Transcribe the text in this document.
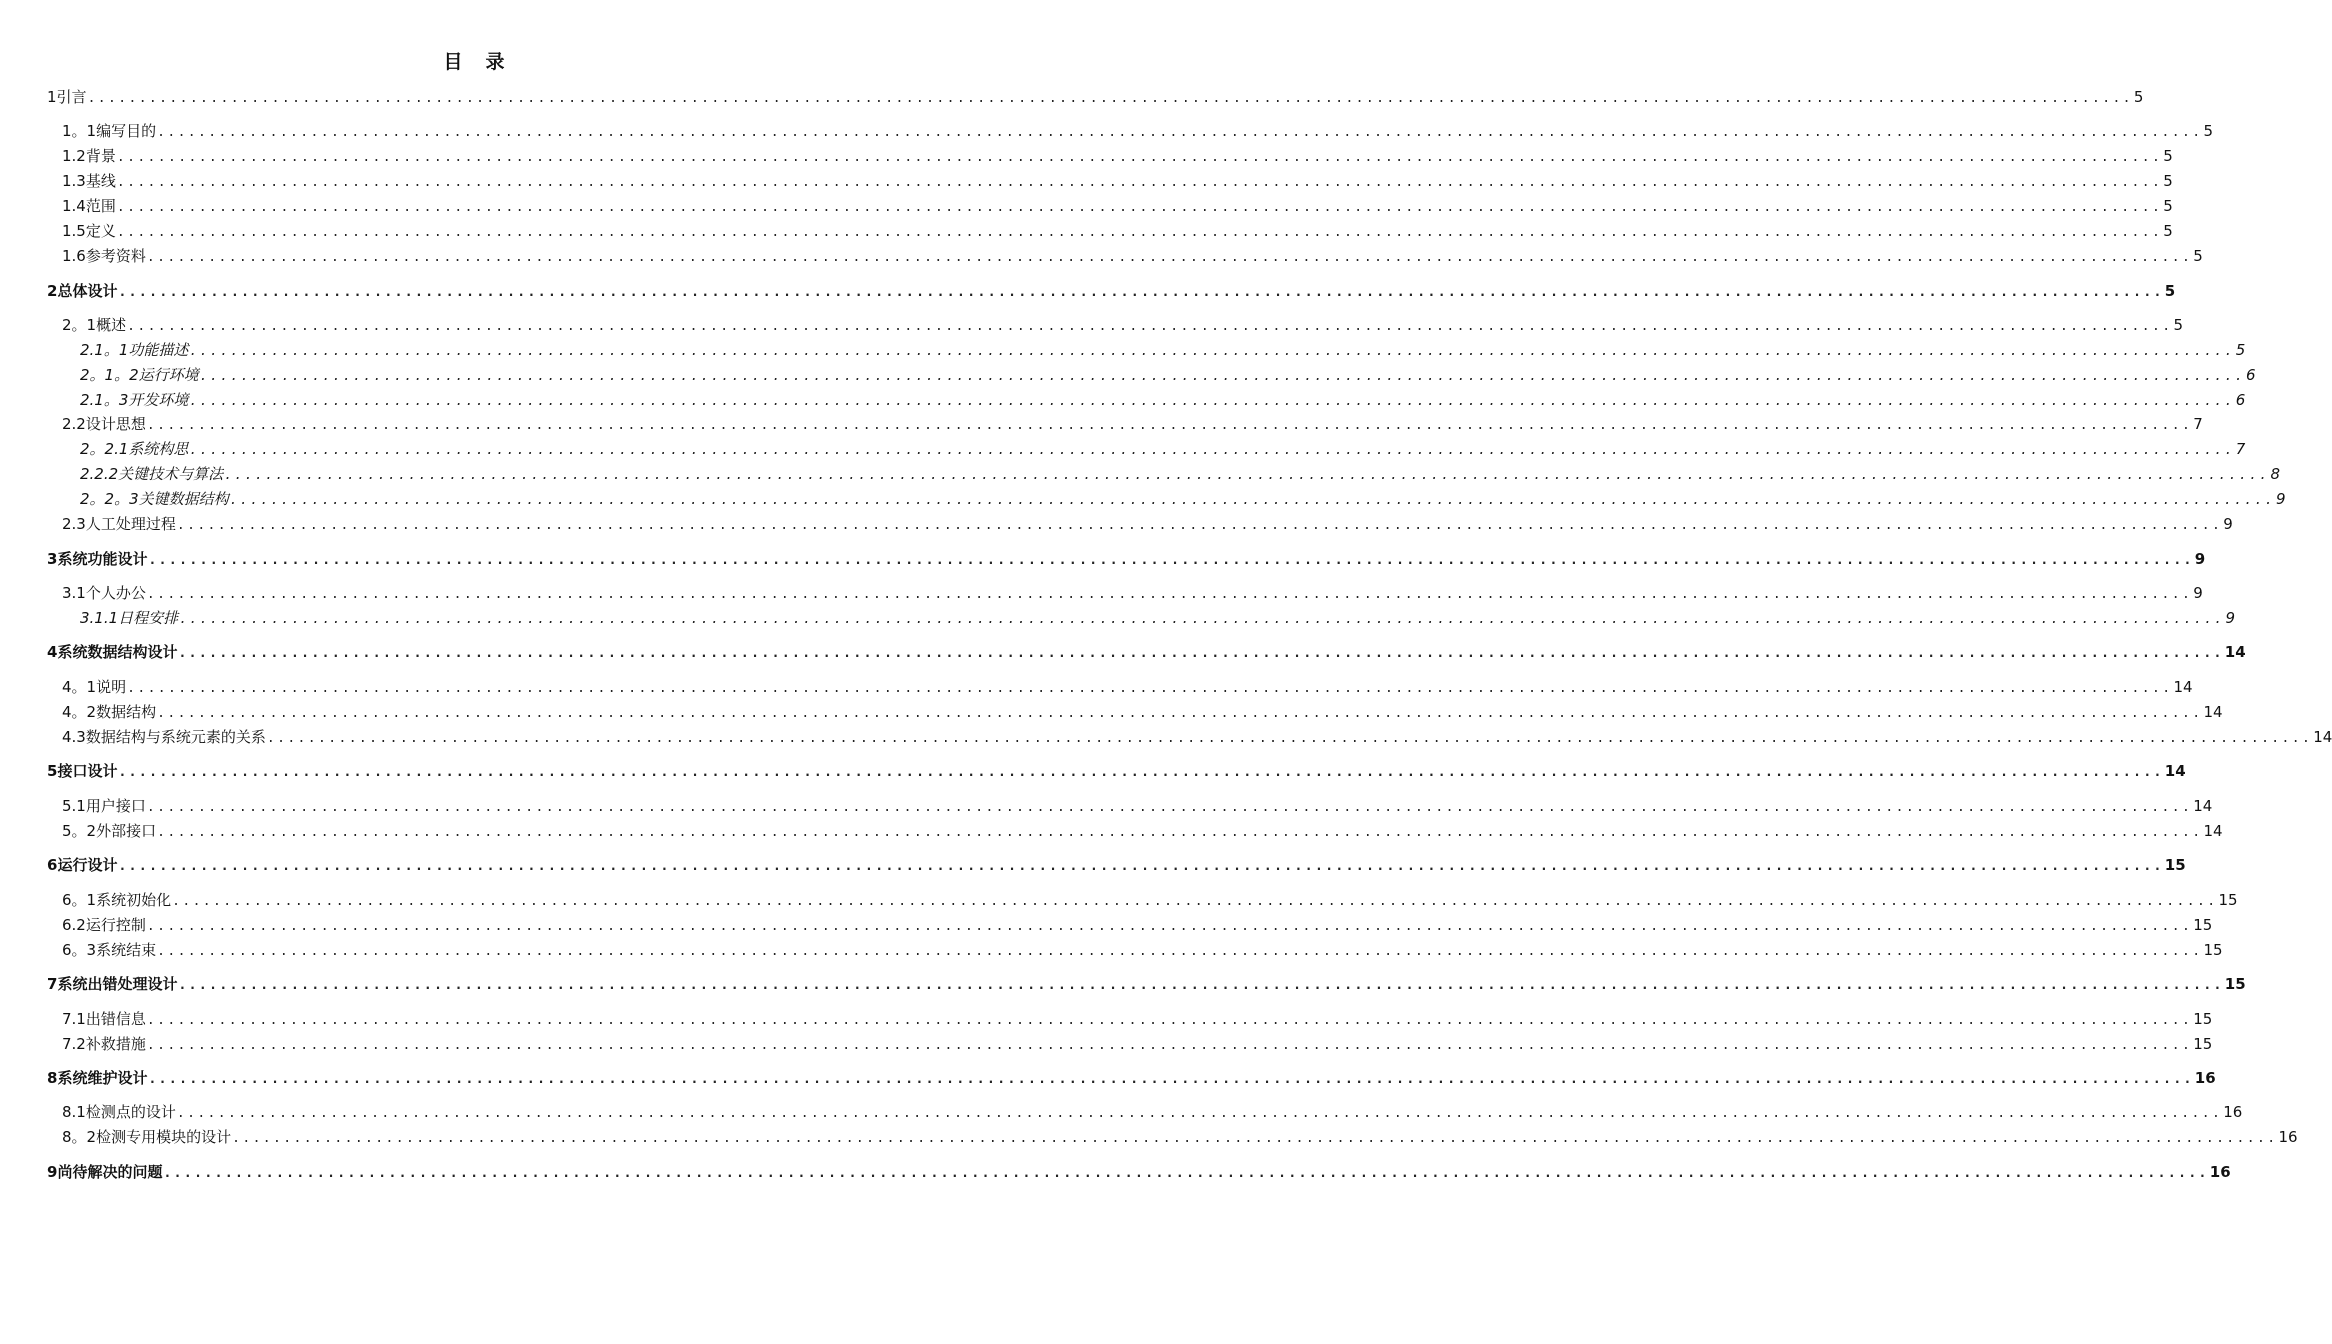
目　录
1 引言 ........................................................................................................................................................................................................ 5
1。1 编写目的 ........................................................................................................................................................................................................ 5
1.2 背景 ........................................................................................................................................................................................................ 5
1.3 基线 ........................................................................................................................................................................................................ 5
1.4 范围 ........................................................................................................................................................................................................ 5
1.5 定义 ........................................................................................................................................................................................................ 5
1.6 参考资料 ........................................................................................................................................................................................................ 5
2 总体设计 ........................................................................................................................................................................................................ 5
2。1 概述 ........................................................................................................................................................................................................ 5
2.1。1 功能描述 ........................................................................................................................................................................................................ 5
2。1。2 运行环境 ........................................................................................................................................................................................................ 6
2.1。3 开发环境 ........................................................................................................................................................................................................ 6
2.2 设计思想 ........................................................................................................................................................................................................ 7
2。2.1 系统构思 ........................................................................................................................................................................................................ 7
2.2.2 关键技术与算法 ........................................................................................................................................................................................................ 8
2。2。3 关键数据结构 ........................................................................................................................................................................................................ 9
2.3 人工处理过程 ........................................................................................................................................................................................................ 9
3 系统功能设计 ........................................................................................................................................................................................................ 9
3.1 个人办公 ........................................................................................................................................................................................................ 9
3.1.1 日程安排 ........................................................................................................................................................................................................ 9
4 系统数据结构设计 ........................................................................................................................................................................................................ 14
4。1 说明 ........................................................................................................................................................................................................ 14
4。2 数据结构 ........................................................................................................................................................................................................ 14
4.3 数据结构与系统元素的关系 ........................................................................................................................................................................................................ 14
5 接口设计 ........................................................................................................................................................................................................ 14
5.1 用户接口 ........................................................................................................................................................................................................ 14
5。2 外部接口 ........................................................................................................................................................................................................ 14
6 运行设计 ........................................................................................................................................................................................................ 15
6。1 系统初始化 ........................................................................................................................................................................................................ 15
6.2 运行控制 ........................................................................................................................................................................................................ 15
6。3 系统结束 ........................................................................................................................................................................................................ 15
7 系统出错处理设计 ........................................................................................................................................................................................................ 15
7.1 出错信息 ........................................................................................................................................................................................................ 15
7.2 补救措施 ........................................................................................................................................................................................................ 15
8 系统维护设计 ........................................................................................................................................................................................................ 16
8.1 检测点的设计 ........................................................................................................................................................................................................ 16
8。2 检测专用模块的设计 ........................................................................................................................................................................................................ 16
9 尚待解决的问题 ........................................................................................................................................................................................................ 16
